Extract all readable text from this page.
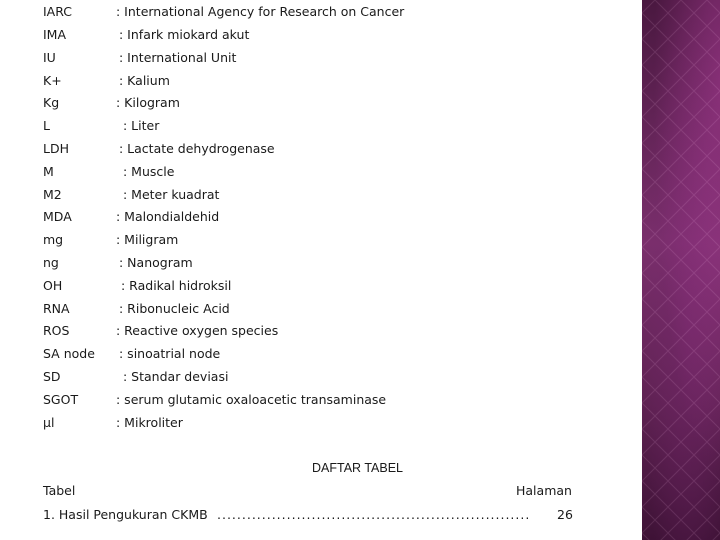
IARC	: International Agency for Research on Cancer
IMA	: Infark miokard akut
IU	: International Unit
K+	: Kalium
Kg	: Kilogram
L	: Liter
LDH	: Lactate dehydrogenase
M	: Muscle
M2	: Meter kuadrat
MDA	: Malondialdehid
mg	: Miligram
ng	: Nanogram
OH	: Radikal hidroksil
RNA	: Ribonucleic Acid
ROS	: Reactive oxygen species
SA node : sinoatrial node
SD	: Standar deviasi
SGOT	: serum glutamic oxaloacetic transaminase
μl	: Mikroliter
DAFTAR TABEL
Tabel	Halaman
1. Hasil Pengukuran CKMB ...............................................................	26
